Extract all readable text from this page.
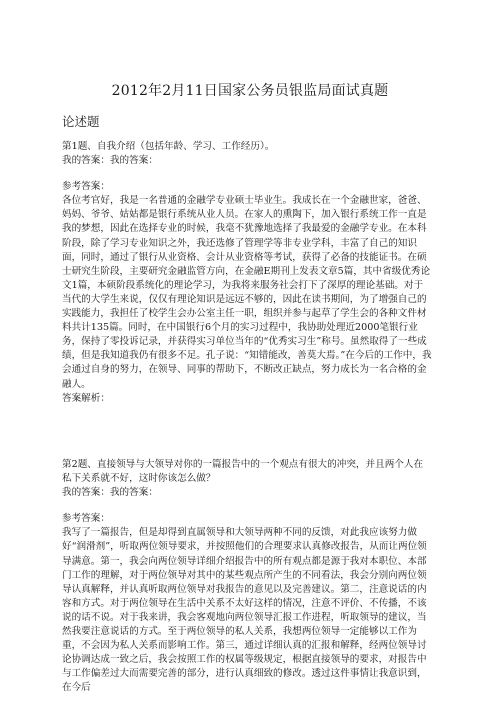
2012年2月11日国家公务员银监局面试真题
论述题

第1题、自我介绍（包括年龄、学习、工作经历）。

我的答案：我的答案：

参考答案：

各位考官好，我是一名普通的金融学专业硕士毕业生。我成长在一个金融世家，爸爸、妈妈、爷爷、姑姑都是银行系统从业人员。在家人的熏陶下，加入银行系统工作一直是我的梦想，因此在选择专业的时候，我毫不犹豫地选择了我最爱的金融学专业。在本科阶段，除了学习专业知识之外，我还选修了管理学等非专业学科，丰富了自己的知识面，同时，通过了银行从业资格、会计从业资格等考试，获得了必备的技能证书。在硕士研究生阶段，主要研究金融监管方向，在金融E期刊上发表文章5篇，其中省级优秀论文1篇，本硕阶段系统化的理论学习，为我将来服务社会打下了深厚的理论基础。对于当代的大学生来说，仅仅有理论知识是远远不够的，因此在读书期间，为了增强自己的实践能力，我担任了校学生会办公室主任一职，组织并参与起草了学生会的各种文件材料共计135篇。同时，在中国银行6个月的实习过程中，我协助处理近2000笔银行业务，保持了零投诉记录，并获得实习单位当年的“优秀实习生”称号。虽然取得了一些成绩，但是我知道我仍有很多不足。孔子说：“知错能改，善莫大焉。”在今后的工作中，我会通过自身的努力，在领导、同事的帮助下，不断改正缺点，努力成长为一名合格的金融人。

答案解析：

第2题、直接领导与大领导对你的一篇报告中的一个观点有很大的冲突，并且两个人在私下关系就不好，这时你该怎么做？

我的答案：我的答案：

参考答案：

我写了一篇报告，但是却得到直属领导和大领导两种不同的反馈，对此我应该努力做好“润滑剂”，听取两位领导要求，并按照他们的合理要求认真修改报告，从而让两位领导满意。第一，我会向两位领导详细介绍报告中的所有观点都是源于我对本职位、本部门工作的理解，对于两位领导对其中的某些观点所产生的不同看法，我会分别向两位领导认真解释，并认真听取两位领导对我报告的意见以及完善建议。第二，注意说话的内容和方式。对于两位领导在生活中关系不太好这样的情况，注意不评价、不传播，不该说的话不说。对于我来讲，我会客观地向两位领导汇报工作进程，听取领导的建议，当然我要注意说话的方式。至于两位领导的私人关系，我想两位领导一定能够以工作为重，不会因为私人关系而影响工作。第三，通过详细认真的汇报和解释，经两位领导讨论协调达成一致之后，我会按照工作的权属等级规定，根据直接领导的要求，对报告中与工作偏差过大而需要完善的部分，进行认真细致的修改。透过这件事情让我意识到，在今后
